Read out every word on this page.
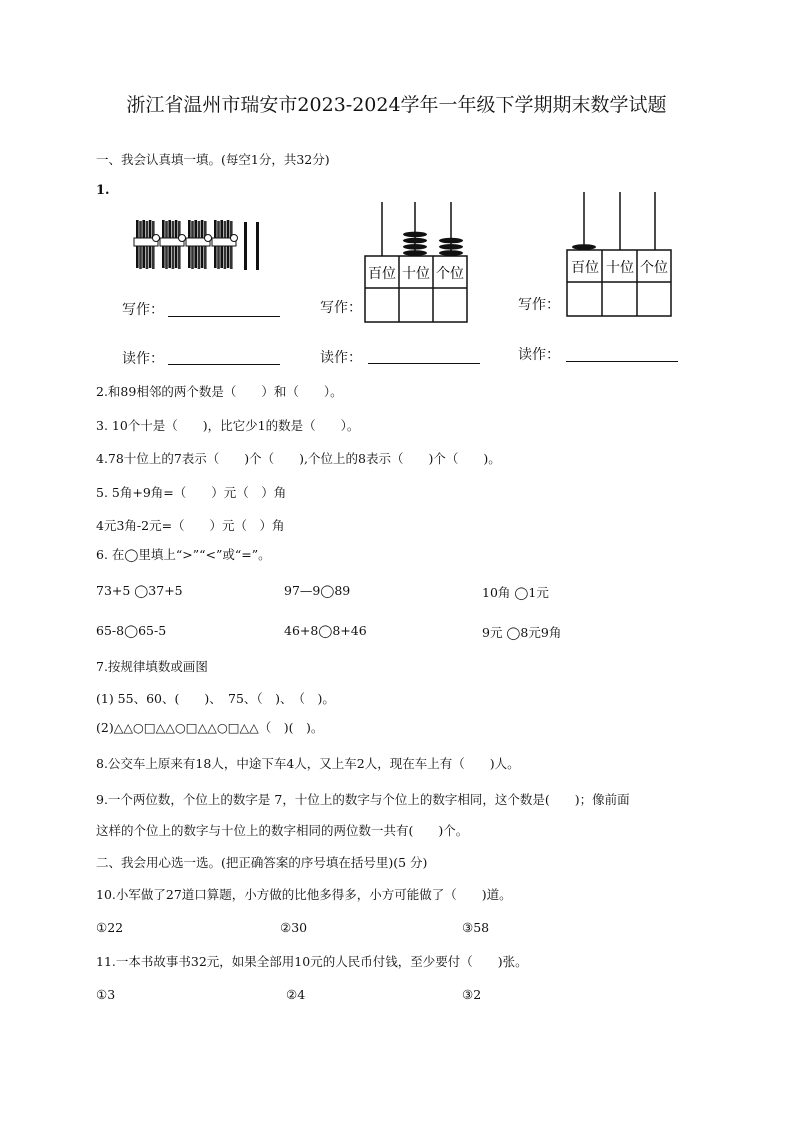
浙江省温州市瑞安市2023-2024学年一年级下学期期末数学试题
一、我会认真填一填。(每空1分，共32分)
1.
百位 十位 个位	百位 十位 个位
写作：	写作：	写作：
读作：	读作：	读作：
2.和89相邻的两个数是（　　）和（　　）。
3. 10个十是（　　)，比它少1的数是（　　）。
4.78十位上的7表示（　　)个（　　),个位上的8表示（　　)个（　　)。
5. 5角+9角=（　　）元（　）角
4元3角-2元=（　　）元（　）角
6. 在◯里填上“>”“<”或“=”。
73+5 ◯37+5	97—9◯89	10角 ◯1元
65-8◯65-5	46+8◯8+46	9元 ◯8元9角
7.按规律填数或画图
(1) 55、60、(　　)、　75、（　)、　（　)。
(2)△△○□△△○□△△○□△△（　)(　)。
8.公交车上原来有18人，中途下车4人，又上车2人，现在车上有（　　)人。
9.一个两位数，个位上的数字是 7，十位上的数字与个位上的数字相同，这个数是(　　)；像前面
这样的个位上的数字与十位上的数字相同的两位数一共有(　　)个。
二、我会用心选一选。(把正确答案的序号填在括号里)(5 分)
10.小军做了27道口算题，小方做的比他多得多，小方可能做了（　　)道。
①22	②30	③58
11.一本书故事书32元，如果全部用10元的人民币付钱，至少要付（　　)张。
①3	②4	③2
